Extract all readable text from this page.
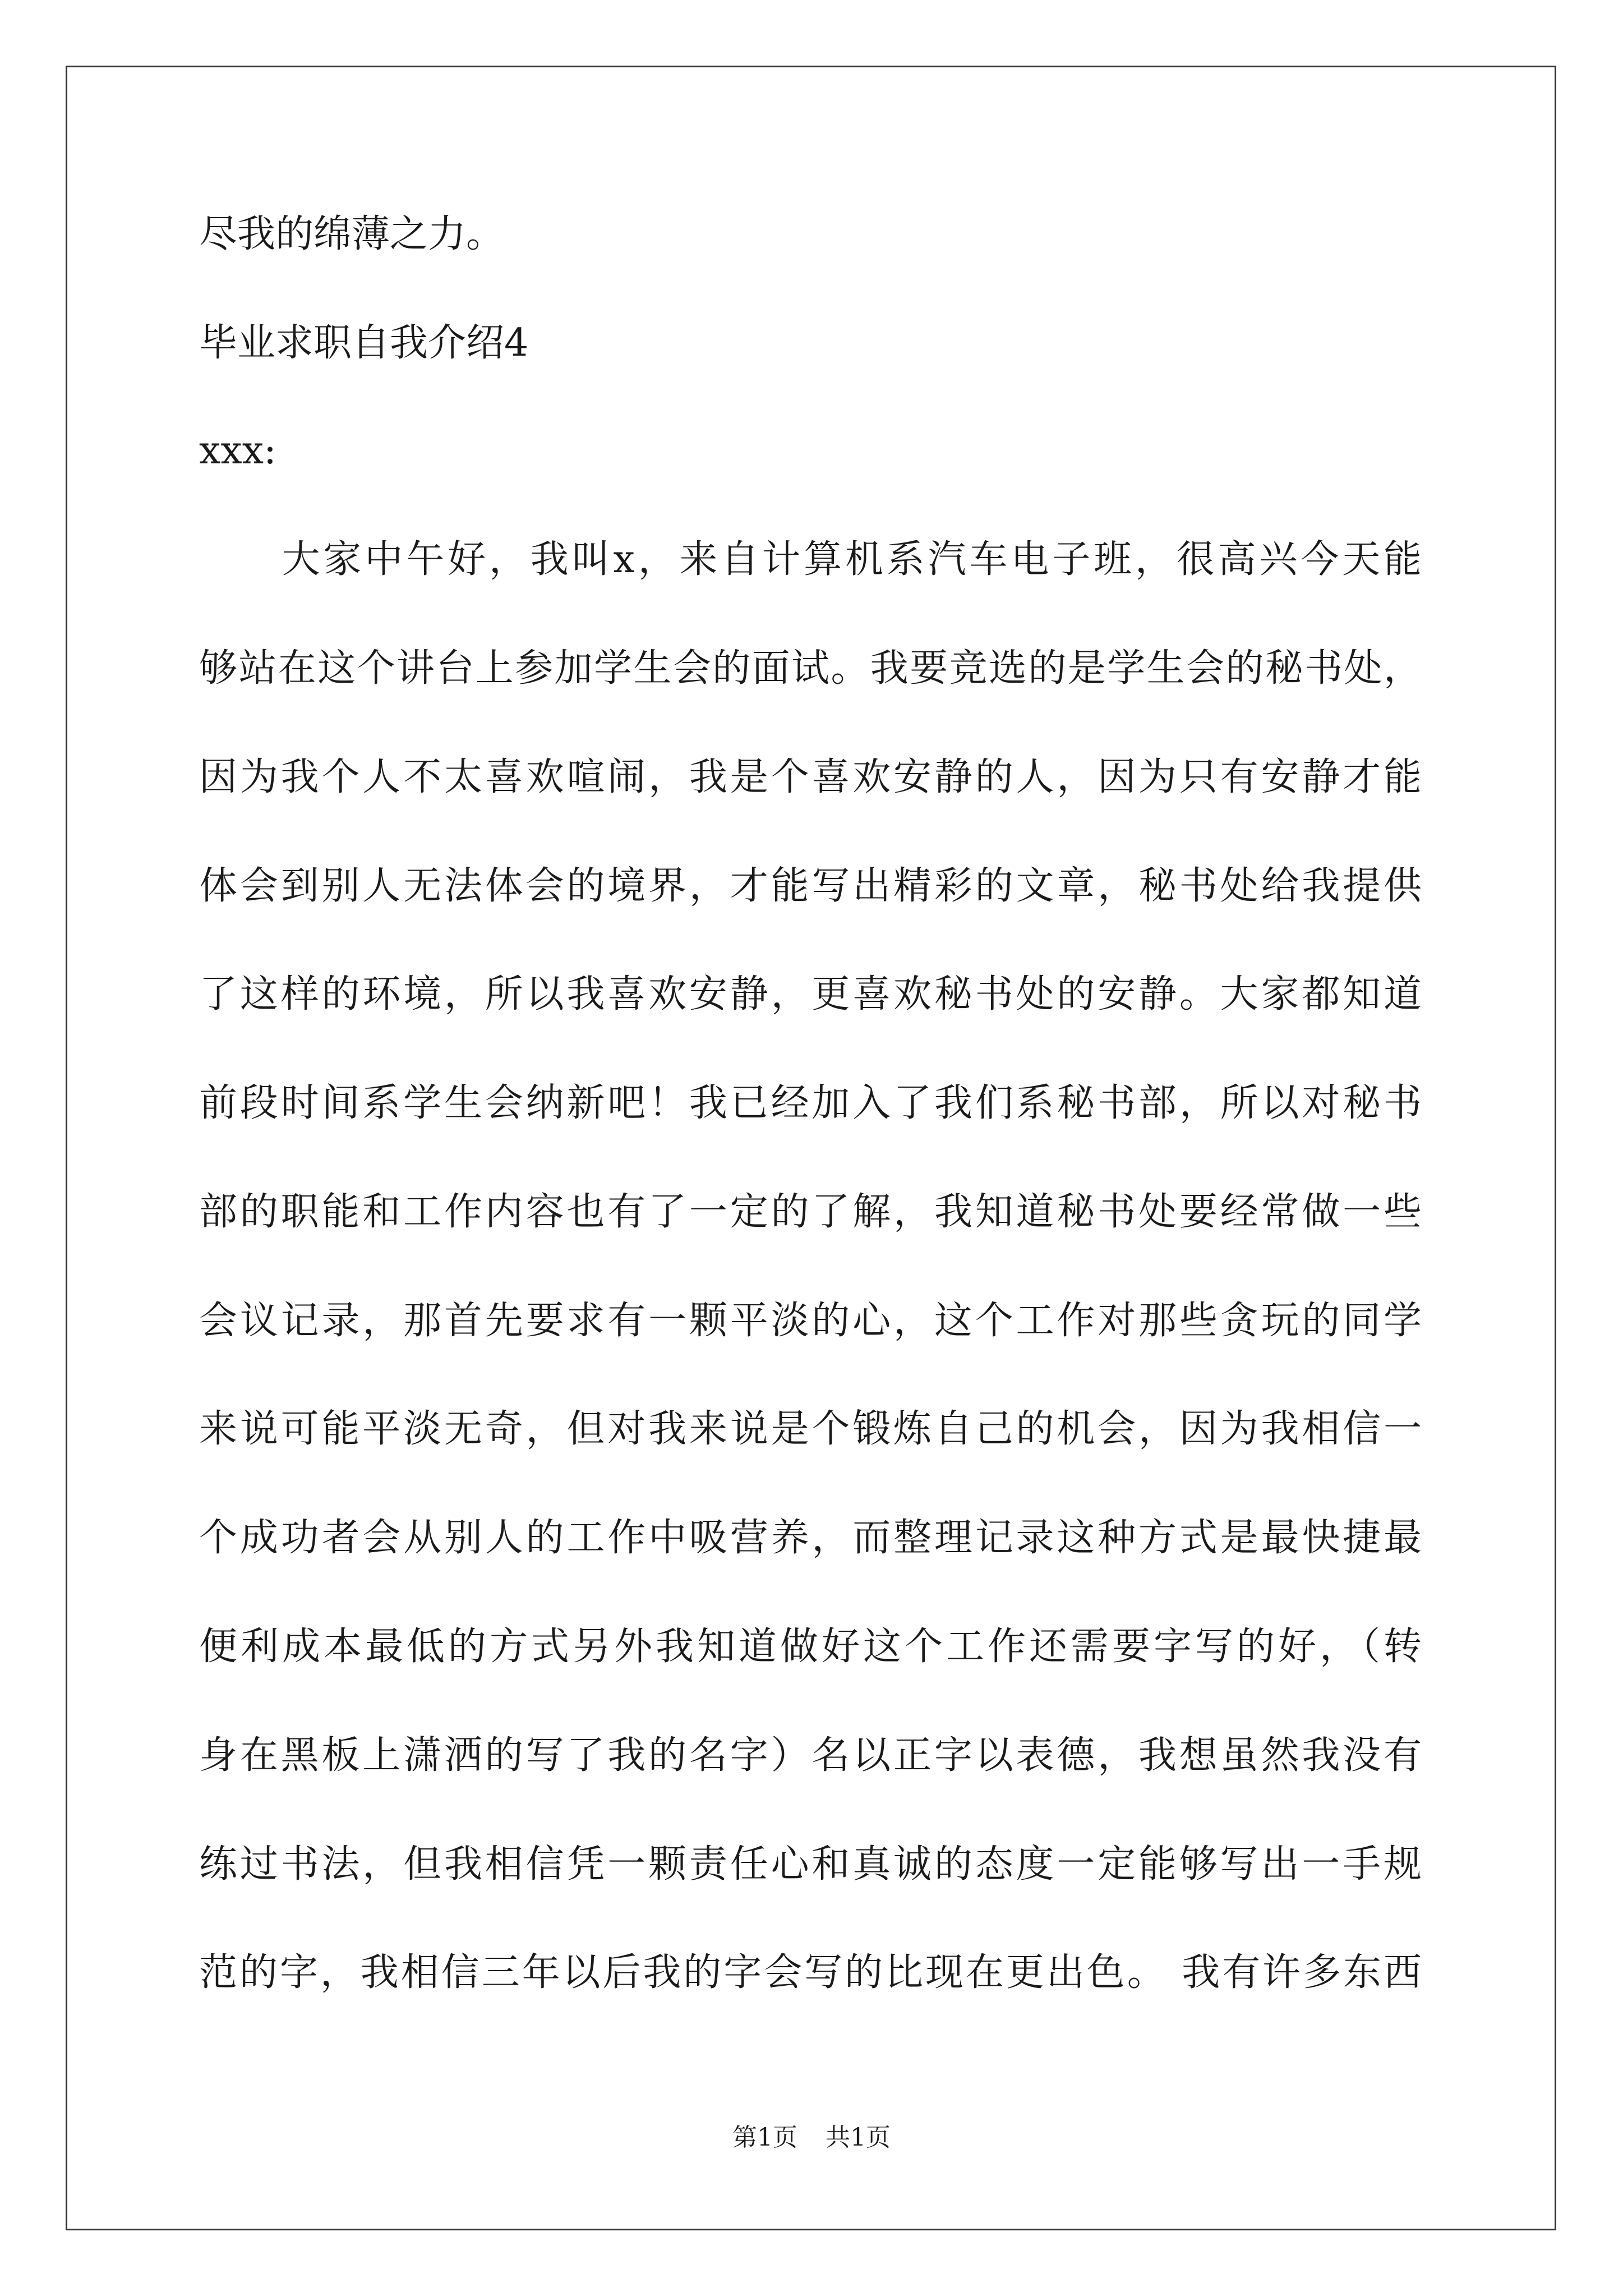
尽我的绵薄之力。
毕业求职自我介绍4
xxx:
　　大家中午好，我叫x，来自计算机系汽车电子班，很高兴今天能
够站在这个讲台上参加学生会的面试。我要竞选的是学生会的秘书处，
因为我个人不太喜欢喧闹，我是个喜欢安静的人，因为只有安静才能
体会到别人无法体会的境界，才能写出精彩的文章，秘书处给我提供
了这样的环境，所以我喜欢安静，更喜欢秘书处的安静。大家都知道
前段时间系学生会纳新吧！我已经加入了我们系秘书部，所以对秘书
部的职能和工作内容也有了一定的了解，我知道秘书处要经常做一些
会议记录，那首先要求有一颗平淡的心，这个工作对那些贪玩的同学
来说可能平淡无奇，但对我来说是个锻炼自己的机会，因为我相信一
个成功者会从别人的工作中吸营养，而整理记录这种方式是最快捷最
便利成本最低的方式另外我知道做好这个工作还需要字写的好，（转
身在黑板上潇洒的写了我的名字）名以正字以表德，我想虽然我没有
练过书法，但我相信凭一颗责任心和真诚的态度一定能够写出一手规
范的字，我相信三年以后我的字会写的比现在更出色。 我有许多东西
第1页 共1页
